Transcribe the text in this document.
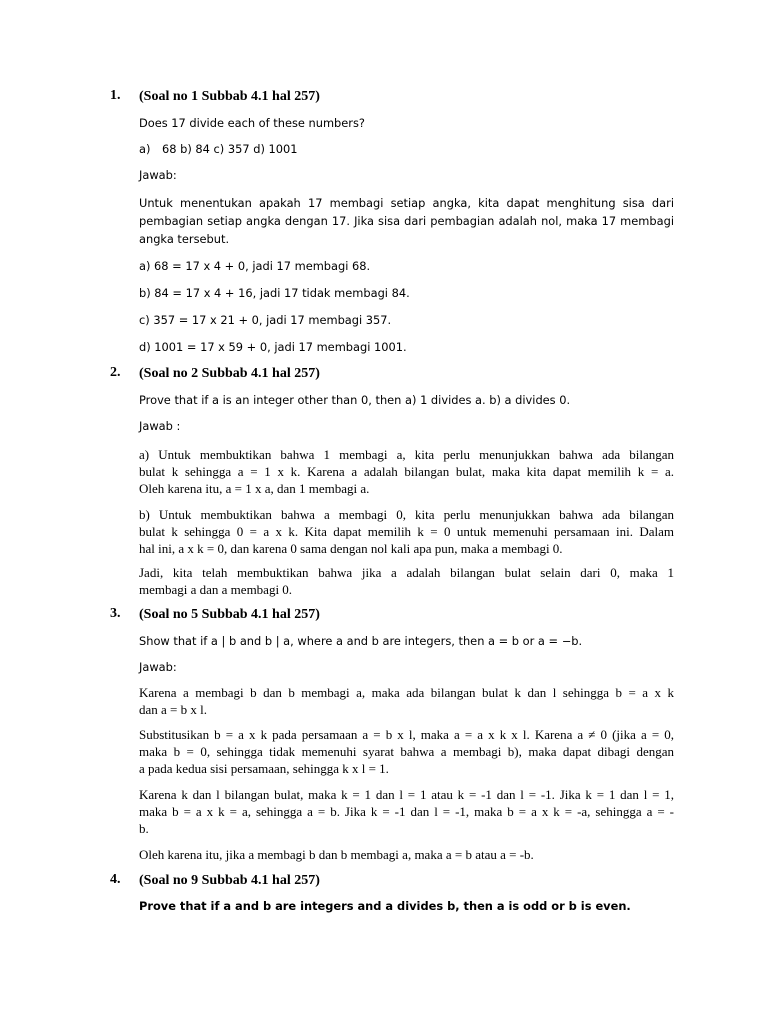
1.	(Soal no 1 Subbab 4.1 hal 257)
Does 17 divide each of these numbers?
a)	68 b) 84 c) 357 d) 1001
Jawab:
Untuk menentukan apakah 17 membagi setiap angka, kita dapat menghitung sisa dari
pembagian setiap angka dengan 17. Jika sisa dari pembagian adalah nol, maka 17 membagi
angka tersebut.
a) 68 = 17 x 4 + 0, jadi 17 membagi 68.
b) 84 = 17 x 4 + 16, jadi 17 tidak membagi 84.
c) 357 = 17 x 21 + 0, jadi 17 membagi 357.
d) 1001 = 17 x 59 + 0, jadi 17 membagi 1001.
2.	(Soal no 2 Subbab 4.1 hal 257)
Prove that if a is an integer other than 0, then a) 1 divides a. b) a divides 0.
Jawab :
a) Untuk membuktikan bahwa 1 membagi a, kita perlu menunjukkan bahwa ada bilangan
bulat k sehingga a = 1 x k. Karena a adalah bilangan bulat, maka kita dapat memilih k = a.
Oleh karena itu, a = 1 x a, dan 1 membagi a.
b) Untuk membuktikan bahwa a membagi 0, kita perlu menunjukkan bahwa ada bilangan
bulat k sehingga 0 = a x k. Kita dapat memilih k = 0 untuk memenuhi persamaan ini. Dalam
hal ini, a x k = 0, dan karena 0 sama dengan nol kali apa pun, maka a membagi 0.
Jadi, kita telah membuktikan bahwa jika a adalah bilangan bulat selain dari 0, maka 1
membagi a dan a membagi 0.
3.	(Soal no 5 Subbab 4.1 hal 257)
Show that if a | b and b | a, where a and b are integers, then a = b or a = −b.
Jawab:
Karena a membagi b dan b membagi a, maka ada bilangan bulat k dan l sehingga b = a x k
dan a = b x l.
Substitusikan b = a x k pada persamaan a = b x l, maka a = a x k x l. Karena a ≠ 0 (jika a = 0,
maka b = 0, sehingga tidak memenuhi syarat bahwa a membagi b), maka dapat dibagi dengan
a pada kedua sisi persamaan, sehingga k x l = 1.
Karena k dan l bilangan bulat, maka k = 1 dan l = 1 atau k = -1 dan l = -1. Jika k = 1 dan l = 1,
maka b = a x k = a, sehingga a = b. Jika k = -1 dan l = -1, maka b = a x k = -a, sehingga a = -
b.
Oleh karena itu, jika a membagi b dan b membagi a, maka a = b atau a = -b.
4.	(Soal no 9 Subbab 4.1 hal 257)
Prove that if a and b are integers and a divides b, then a is odd or b is even.
